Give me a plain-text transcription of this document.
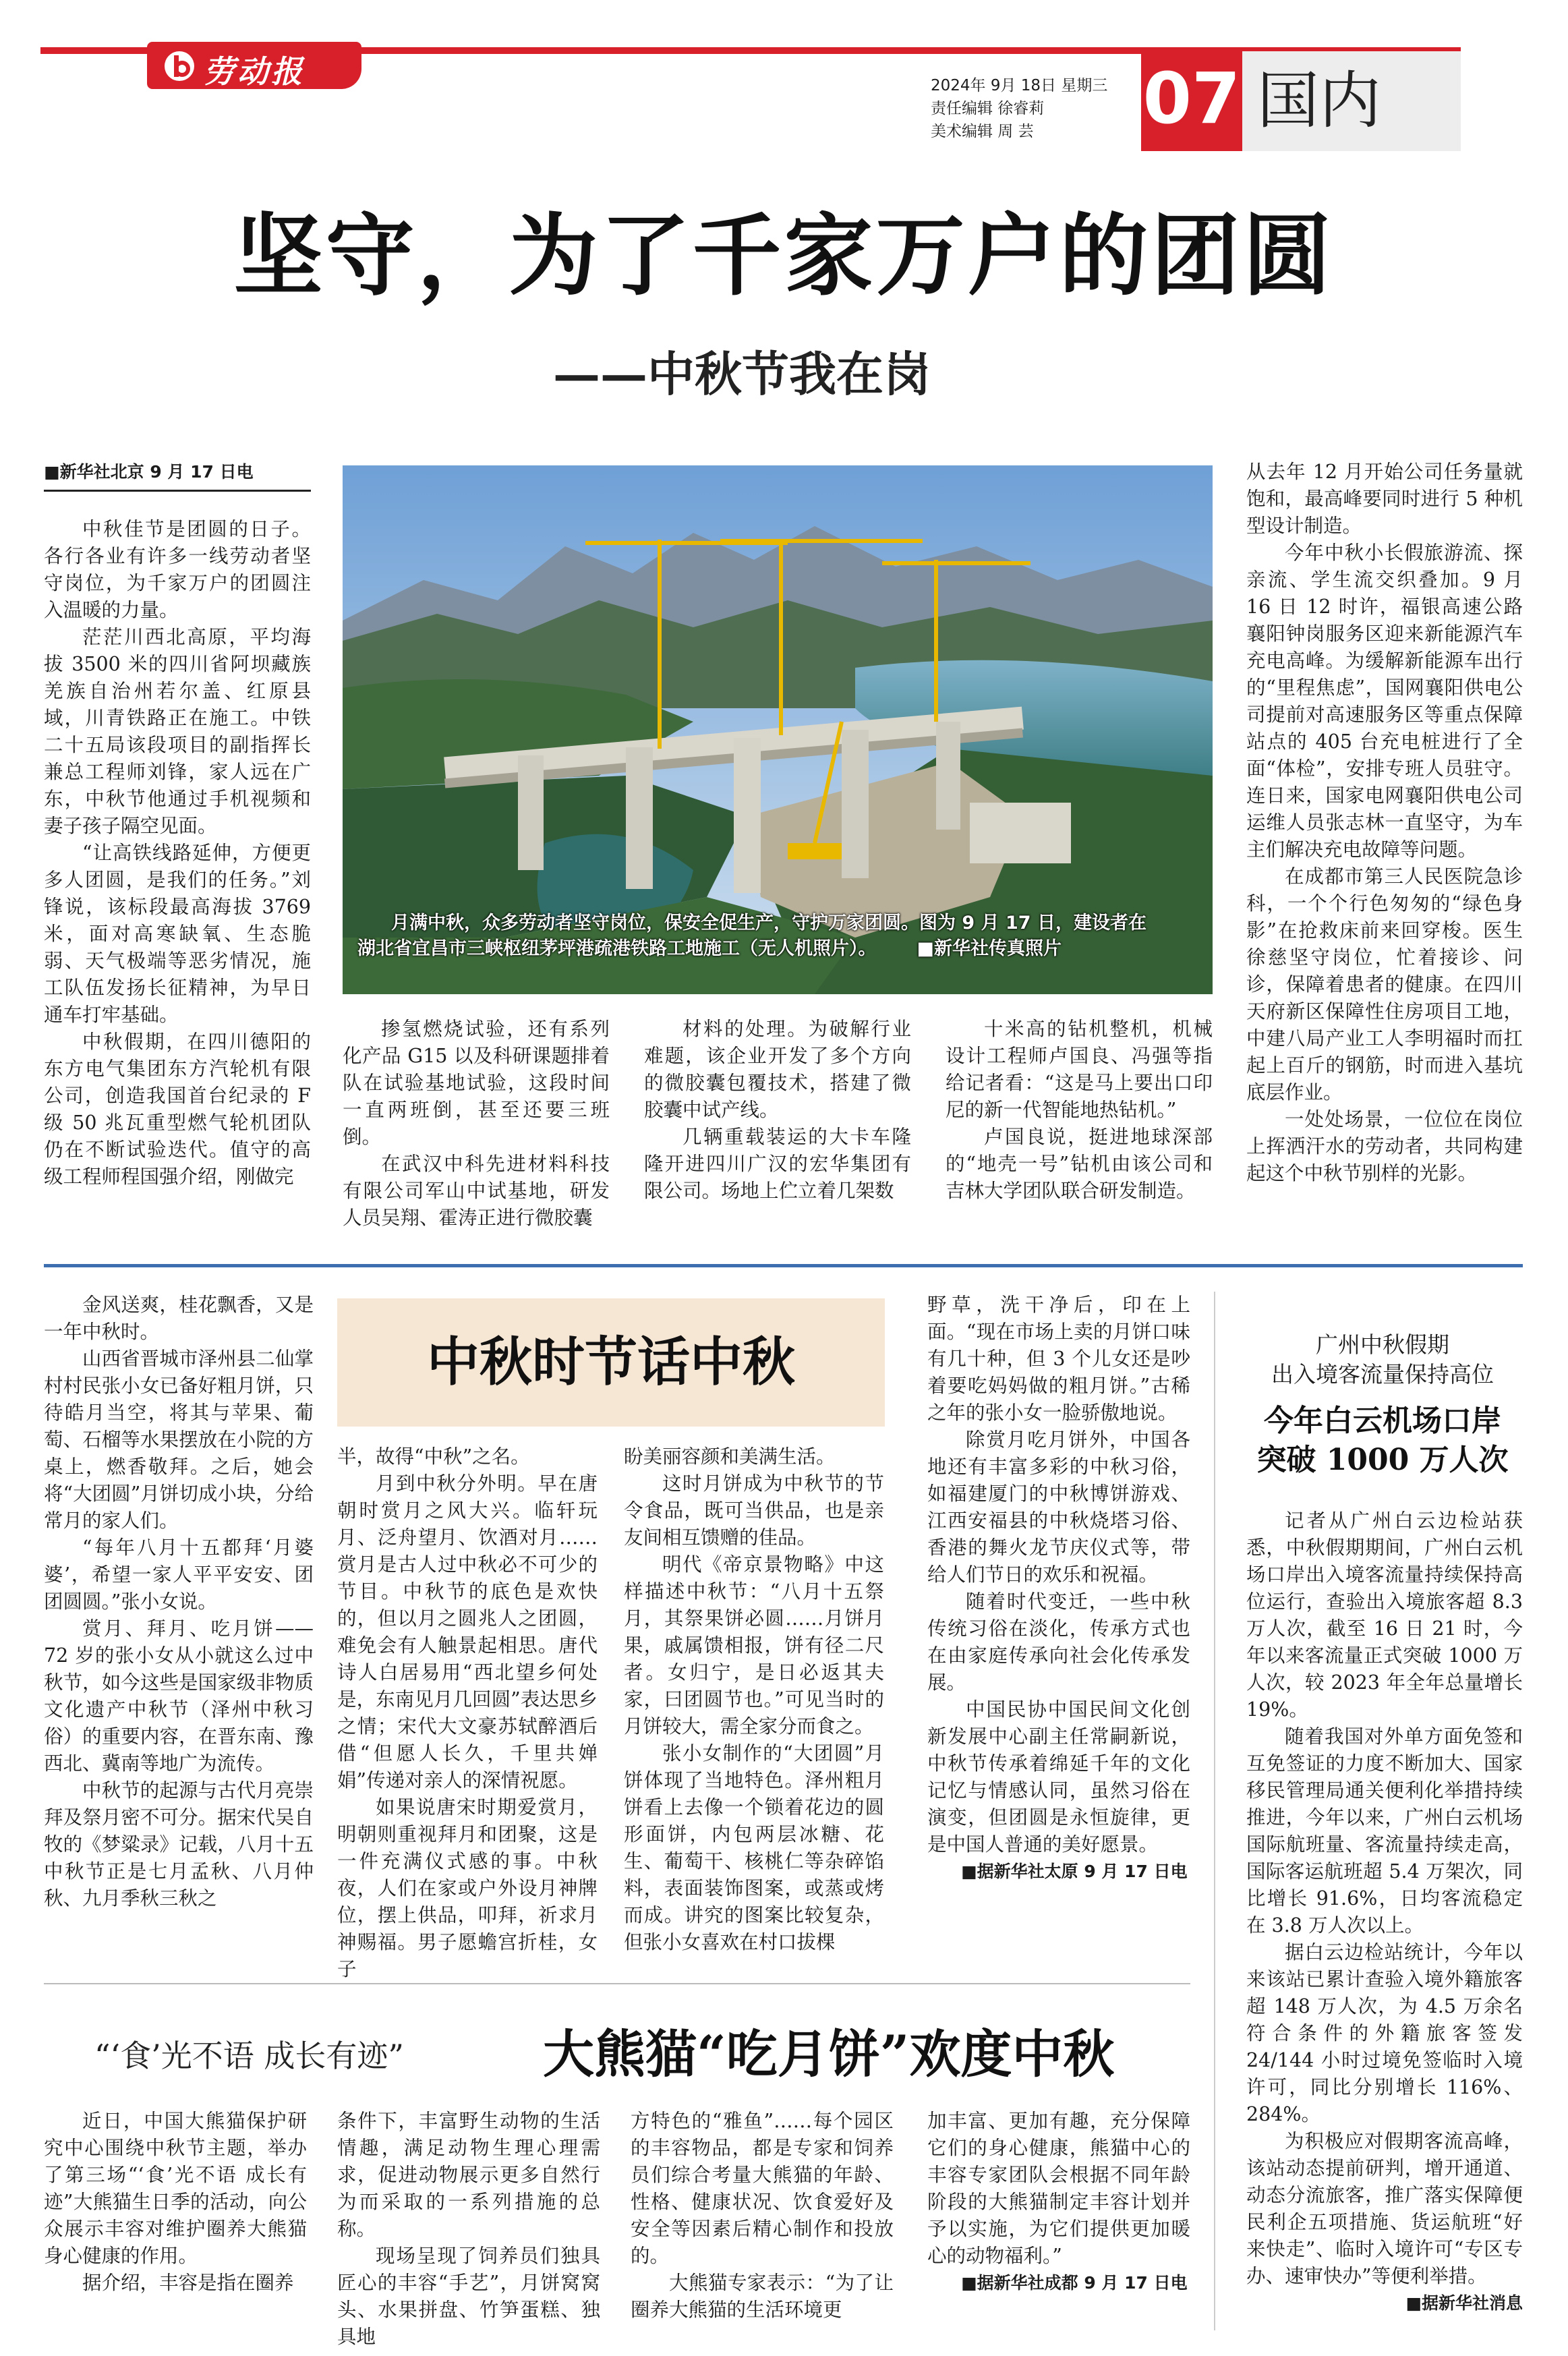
劳动报	2024年 9月 18日 星期三
责任编辑 徐睿莉
美术编辑 周 芸	07 国内
坚守，为了千家万户的团圆
——中秋节我在岗

■新华社北京 9 月 17 日电

中秋佳节是团圆的日子。各行各业有许多一线劳动者坚守岗位，为千家万户的团圆注入温暖的力量。

茫茫川西北高原，平均海拔 3500 米的四川省阿坝藏族羌族自治州若尔盖、红原县域，川青铁路正在施工。中铁二十五局该段项目的副指挥长兼总工程师刘锋，家人远在广东，中秋节他通过手机视频和妻子孩子隔空见面。

“让高铁线路延伸，方便更多人团圆，是我们的任务。”刘锋说，该标段最高海拔 3769 米，面对高寒缺氧、生态脆弱、天气极端等恶劣情况，施工队伍发扬长征精神，为早日通车打牢基础。

中秋假期，在四川德阳的东方电气集团东方汽轮机有限公司，创造我国首台纪录的 F 级 50 兆瓦重型燃气轮机团队仍在不断试验迭代。值守的高级工程师程国强介绍，刚做完

月满中秋，众多劳动者坚守岗位，保安全促生产，守护万家团圆。图为 9 月 17 日，建设者在
湖北省宜昌市三峡枢纽茅坪港疏港铁路工地施工（无人机照片）。 ■新华社传真照片

掺氢燃烧试验，还有系列化产品 G15 以及科研课题排着队在试验基地试验，这段时间一直两班倒，甚至还要三班倒。

在武汉中科先进材料科技有限公司军山中试基地，研发人员吴翔、霍涛正进行微胶囊

材料的处理。为破解行业难题，该企业开发了多个方向的微胶囊包覆技术，搭建了微胶囊中试产线。

几辆重载装运的大卡车隆隆开进四川广汉的宏华集团有限公司。场地上伫立着几架数

十米高的钻机整机，机械设计工程师卢国良、冯强等指给记者看：“这是马上要出口印尼的新一代智能地热钻机。”

卢国良说，挺进地球深部的“地壳一号”钻机由该公司和吉林大学团队联合研发制造。

从去年 12 月开始公司任务量就饱和，最高峰要同时进行 5 种机型设计制造。

今年中秋小长假旅游流、探亲流、学生流交织叠加。9 月 16 日 12 时许，福银高速公路襄阳钟岗服务区迎来新能源汽车充电高峰。为缓解新能源车出行的“里程焦虑”，国网襄阳供电公司提前对高速服务区等重点保障站点的 405 台充电桩进行了全面“体检”，安排专班人员驻守。连日来，国家电网襄阳供电公司运维人员张志林一直坚守，为车主们解决充电故障等问题。

在成都市第三人民医院急诊科，一个个行色匆匆的“绿色身影”在抢救床前来回穿梭。医生徐慈坚守岗位，忙着接诊、问诊，保障着患者的健康。在四川天府新区保障性住房项目工地，中建八局产业工人李明福时而扛起上百斤的钢筋，时而进入基坑底层作业。

一处处场景，一位位在岗位上挥洒汗水的劳动者，共同构建起这个中秋节别样的光影。

中秋时节话中秋

金风送爽，桂花飘香，又是一年中秋时。

山西省晋城市泽州县二仙掌村村民张小女已备好粗月饼，只待皓月当空，将其与苹果、葡萄、石榴等水果摆放在小院的方桌上，燃香敬拜。之后，她会将“大团圆”月饼切成小块，分给常月的家人们。

“每年八月十五都拜‘月婆婆’，希望一家人平平安安、团团圆圆。”张小女说。

赏月、拜月、吃月饼——72 岁的张小女从小就这么过中秋节，如今这些是国家级非物质文化遗产中秋节（泽州中秋习俗）的重要内容，在晋东南、豫西北、冀南等地广为流传。

中秋节的起源与古代月亮崇拜及祭月密不可分。据宋代吴自牧的《梦粱录》记载，八月十五中秋节正是七月孟秋、八月仲秋、九月季秋三秋之

半，故得“中秋”之名。

月到中秋分外明。早在唐朝时赏月之风大兴。临轩玩月、泛舟望月、饮酒对月……赏月是古人过中秋必不可少的节目。中秋节的底色是欢快的，但以月之圆兆人之团圆，难免会有人触景起相思。唐代诗人白居易用“西北望乡何处是，东南见月几回圆”表达思乡之情；宋代大文豪苏轼醉酒后借“但愿人长久，千里共婵娟”传递对亲人的深情祝愿。

如果说唐宋时期爱赏月，明朝则重视拜月和团聚，这是一件充满仪式感的事。中秋夜，人们在家或户外设月神牌位，摆上供品，叩拜，祈求月神赐福。男子愿蟾宫折桂，女子

盼美丽容颜和美满生活。

这时月饼成为中秋节的节令食品，既可当供品，也是亲友间相互馈赠的佳品。

明代《帝京景物略》中这样描述中秋节：“八月十五祭月，其祭果饼必圆……月饼月果，戚属馈相报，饼有径二尺者。女归宁，是日必返其夫家，曰团圆节也。”可见当时的月饼较大，需全家分而食之。

张小女制作的“大团圆”月饼体现了当地特色。泽州粗月饼看上去像一个锁着花边的圆形面饼，内包两层冰糖、花生、葡萄干、核桃仁等杂碎馅料，表面装饰图案，或蒸或烤而成。讲究的图案比较复杂，但张小女喜欢在村口拔棵

野草，洗干净后，印在上面。“现在市场上卖的月饼口味有几十种，但 3 个儿女还是吵着要吃妈妈做的粗月饼。”古稀之年的张小女一脸骄傲地说。

除赏月吃月饼外，中国各地还有丰富多彩的中秋习俗，如福建厦门的中秋博饼游戏、江西安福县的中秋烧塔习俗、香港的舞火龙节庆仪式等，带给人们节日的欢乐和祝福。

随着时代变迁，一些中秋传统习俗在淡化，传承方式也在由家庭传承向社会化传承发展。

中国民协中国民间文化创新发展中心副主任常嗣新说，中秋节传承着绵延千年的文化记忆与情感认同，虽然习俗在演变，但团圆是永恒旋律，更是中国人普通的美好愿景。

■据新华社太原 9 月 17 日电

“‘食’光不语 成长有迹”	大熊猫“吃月饼”欢度中秋

近日，中国大熊猫保护研究中心围绕中秋节主题，举办了第三场“‘食’光不语 成长有迹”大熊猫生日季的活动，向公众展示丰容对维护圈养大熊猫身心健康的作用。

据介绍，丰容是指在圈养

条件下，丰富野生动物的生活情趣，满足动物生理心理需求，促进动物展示更多自然行为而采取的一系列措施的总称。

现场呈现了饲养员们独具匠心的丰容“手艺”，月饼窝窝头、水果拼盘、竹笋蛋糕、独具地

方特色的“雅鱼”……每个园区的丰容物品，都是专家和饲养员们综合考量大熊猫的年龄、性格、健康状况、饮食爱好及安全等因素后精心制作和投放的。

大熊猫专家表示：“为了让圈养大熊猫的生活环境更

加丰富、更加有趣，充分保障它们的身心健康，熊猫中心的丰容专家团队会根据不同年龄阶段的大熊猫制定丰容计划并予以实施，为它们提供更加暖心的动物福利。”

■据新华社成都 9 月 17 日电

广州中秋假期
出入境客流量保持高位
今年白云机场口岸
突破 1000 万人次

记者从广州白云边检站获悉，中秋假期期间，广州白云机场口岸出入境客流量持续保持高位运行，查验出入境旅客超 8.3 万人次，截至 16 日 21 时，今年以来客流量正式突破 1000 万人次，较 2023 年全年总量增长 19%。

随着我国对外单方面免签和互免签证的力度不断加大、国家移民管理局通关便利化举措持续推进，今年以来，广州白云机场国际航班量、客流量持续走高，国际客运航班超 5.4 万架次，同比增长 91.6%，日均客流稳定在 3.8 万人次以上。

据白云边检站统计，今年以来该站已累计查验入境外籍旅客超 148 万人次，为 4.5 万余名符合条件的外籍旅客签发 24/144 小时过境免签临时入境许可，同比分别增长 116%、284%。

为积极应对假期客流高峰，该站动态提前研判，增开通道、动态分流旅客，推广落实保障便民利企五项措施、货运航班“好来快走”、临时入境许可“专区专办、速审快办”等便利举措。

■据新华社消息
